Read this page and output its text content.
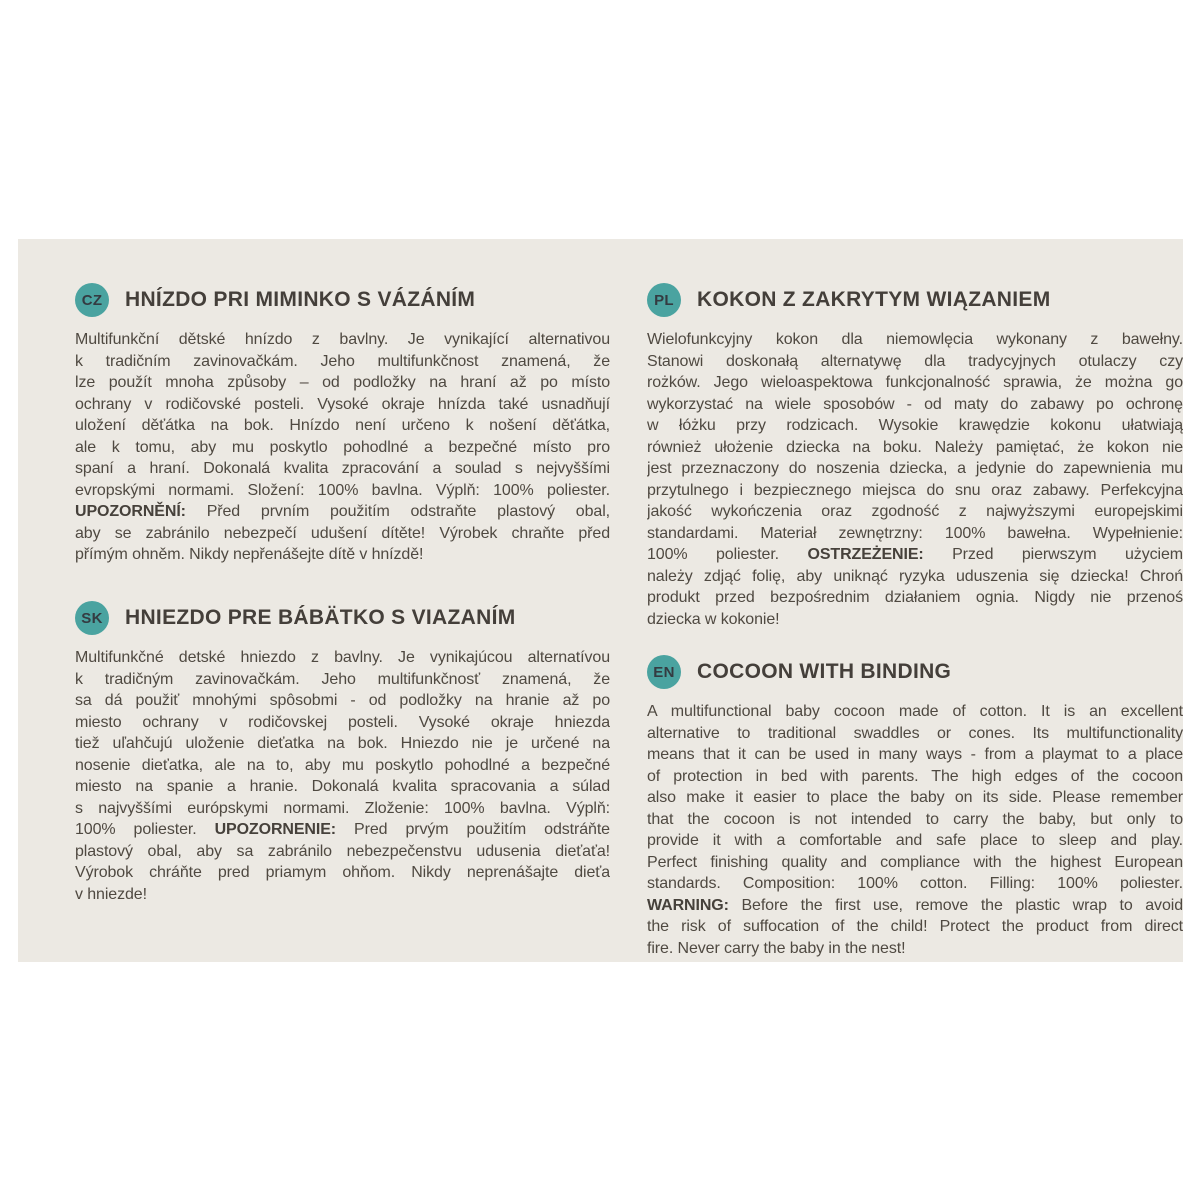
CZ	HNÍZDO PRI MIMINKO S VÁZÁNÍM
Multifunkční dětské hnízdo z bavlny. Je vynikající alternativou
k tradičním zavinovačkám. Jeho multifunkčnost znamená, že
lze použít mnoha způsoby – od podložky na hraní až po místo
ochrany v rodičovské posteli. Vysoké okraje hnízda také usnadňují
uložení děťátka na bok. Hnízdo není určeno k nošení děťátka,
ale k tomu, aby mu poskytlo pohodlné a bezpečné místo pro
spaní a hraní. Dokonalá kvalita zpracování a soulad s nejvyššími
evropskými normami. Složení: 100% bavlna. Výplň: 100% poliester.
UPOZORNĚNÍ: Před prvním použitím odstraňte plastový obal,
aby se zabránilo nebezpečí udušení dítěte! Výrobek chraňte před
přímým ohněm. Nikdy nepřenášejte dítě v hnízdě!
SK HNIEZDO PRE BÁBÄTKO S VIAZANÍM
Multifunkčné detské hniezdo z bavlny. Je vynikajúcou alternatívou
k tradičným zavinovačkám. Jeho multifunkčnosť znamená, že
sa dá použiť mnohými spôsobmi - od podložky na hranie až po
miesto ochrany v rodičovskej posteli. Vysoké okraje hniezda
tiež uľahčujú uloženie dieťatka na bok. Hniezdo nie je určené na
nosenie dieťatka, ale na to, aby mu poskytlo pohodlné a bezpečné
miesto na spanie a hranie. Dokonalá kvalita spracovania a súlad
s najvyššími európskymi normami. Zloženie: 100% bavlna. Výplň:
100% poliester. UPOZORNENIE: Pred prvým použitím odstráňte
plastový obal, aby sa zabránilo nebezpečenstvu udusenia dieťaťa!
Výrobok chráňte pred priamym ohňom. Nikdy neprenášajte dieťa
v hniezde!
PL	KOKON Z ZAKRYTYM WIĄZANIEM
Wielofunkcyjny kokon dla niemowlęcia wykonany z bawełny.
Stanowi doskonałą alternatywę dla tradycyjnych otulaczy czy
rożków. Jego wieloaspektowa funkcjonalność sprawia, że można go
wykorzystać na wiele sposobów - od maty do zabawy po ochronę
w łóżku przy rodzicach. Wysokie krawędzie kokonu ułatwiają
również ułożenie dziecka na boku. Należy pamiętać, że kokon nie
jest przeznaczony do noszenia dziecka, a jedynie do zapewnienia mu
przytulnego i bezpiecznego miejsca do snu oraz zabawy. Perfekcyjna
jakość wykończenia oraz zgodność z najwyższymi europejskimi
standardami. Materiał zewnętrzny: 100% bawełna. Wypełnienie:
100% poliester. OSTRZEŻENIE: Przed pierwszym użyciem
należy zdjąć folię, aby uniknąć ryzyka uduszenia się dziecka! Chroń
produkt przed bezpośrednim działaniem ognia. Nigdy nie przenoś
dziecka w kokonie!
EN COCOON WITH BINDING
A multifunctional baby cocoon made of cotton. It is an excellent
alternative to traditional swaddles or cones. Its multifunctionality
means that it can be used in many ways - from a playmat to a place
of protection in bed with parents. The high edges of the cocoon
also make it easier to place the baby on its side. Please remember
that the cocoon is not intended to carry the baby, but only to
provide it with a comfortable and safe place to sleep and play.
Perfect finishing quality and compliance with the highest European
standards. Composition: 100% cotton. Filling: 100% poliester.
WARNING: Before the first use, remove the plastic wrap to avoid
the risk of suffocation of the child! Protect the product from direct
fire. Never carry the baby in the nest!
